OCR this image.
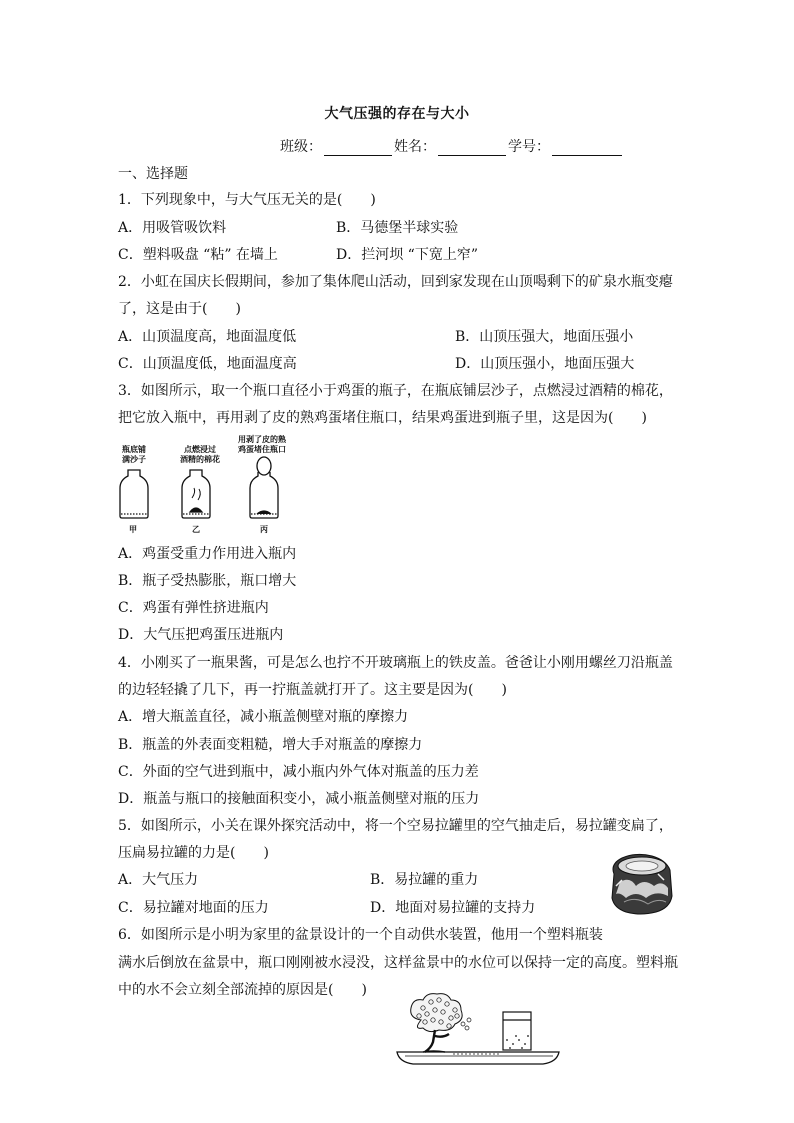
大气压强的存在与大小
班级：	姓名：	学号：
一、选择题
1．下列现象中，与大气压无关的是(　　)
A．用吸管吸饮料	B．马德堡半球实验
C．塑料吸盘 “粘” 在墙上	D．拦河坝 “下宽上窄”
2．小虹在国庆长假期间，参加了集体爬山活动，回到家发现在山顶喝剩下的矿泉水瓶变瘪
了，这是由于(　　)
A．山顶温度高，地面温度低	B．山顶压强大，地面压强小
C．山顶温度低，地面温度高	D．山顶压强小，地面压强大
3．如图所示，取一个瓶口直径小于鸡蛋的瓶子，在瓶底铺层沙子，点燃浸过酒精的棉花，
把它放入瓶中，再用剥了皮的熟鸡蛋堵住瓶口，结果鸡蛋进到瓶子里，这是因为(　　)
瓶底铺
满沙子
甲
点燃浸过
酒精的棉花
乙
用剥了皮的熟
鸡蛋堵住瓶口
丙
A．鸡蛋受重力作用进入瓶内
B．瓶子受热膨胀，瓶口增大
C．鸡蛋有弹性挤进瓶内
D．大气压把鸡蛋压进瓶内
4．小刚买了一瓶果酱，可是怎么也拧不开玻璃瓶上的铁皮盖。爸爸让小刚用螺丝刀沿瓶盖
的边轻轻撬了几下，再一拧瓶盖就打开了。这主要是因为(　　)
A．增大瓶盖直径，减小瓶盖侧壁对瓶的摩擦力
B．瓶盖的外表面变粗糙，增大手对瓶盖的摩擦力
C．外面的空气进到瓶中，减小瓶内外气体对瓶盖的压力差
D．瓶盖与瓶口的接触面积变小，减小瓶盖侧壁对瓶的压力
5．如图所示，小关在课外探究活动中，将一个空易拉罐里的空气抽走后，易拉罐变扁了，
压扁易拉罐的力是(　　)
A．大气压力	B．易拉罐的重力
C．易拉罐对地面的压力	D．地面对易拉罐的支持力
6．如图所示是小明为家里的盆景设计的一个自动供水装置，他用一个塑料瓶装
满水后倒放在盆景中，瓶口刚刚被水浸没，这样盆景中的水位可以保持一定的高度。塑料瓶
中的水不会立刻全部流掉的原因是(　　)
